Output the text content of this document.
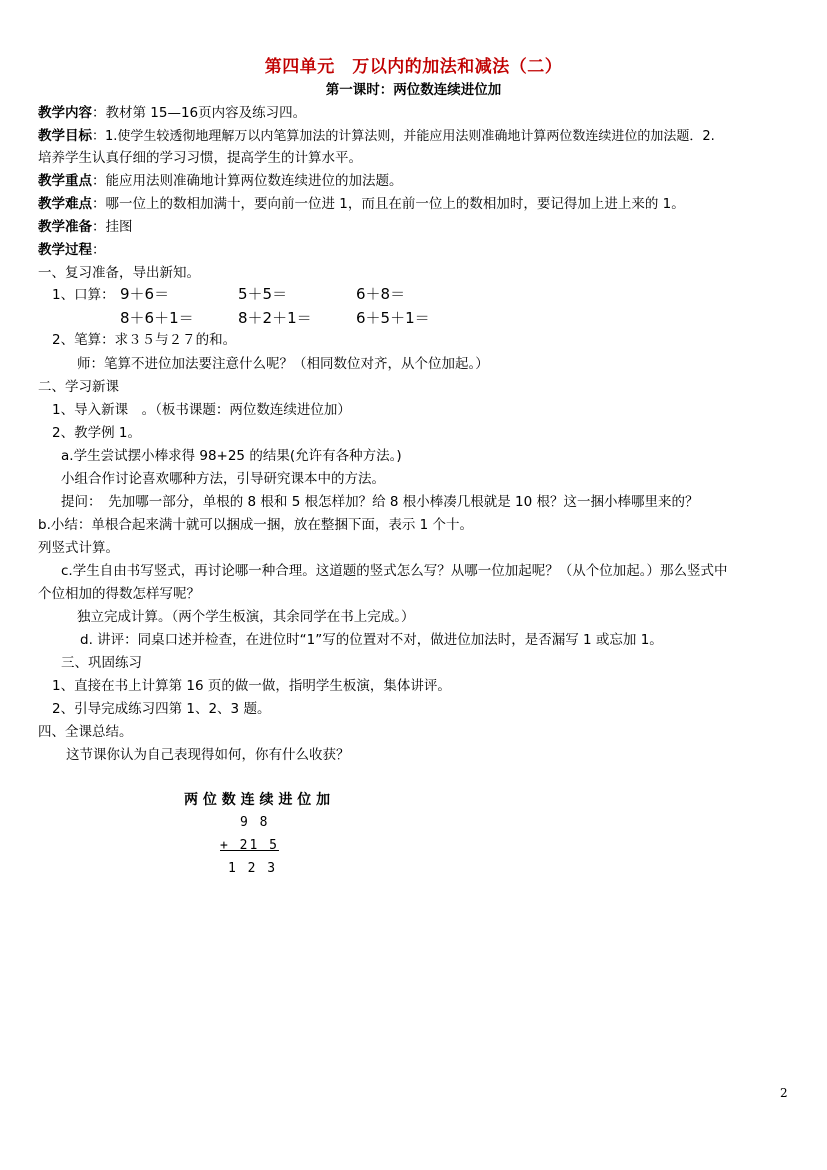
第四单元　万以内的加法和减法（二）
第一课时：两位数连续进位加
教学内容：教材第 15—16页内容及练习四。
教学目标：1.使学生较透彻地理解万以内笔算加法的计算法则，并能应用法则准确地计算两位数连续进位的加法题．2.
培养学生认真仔细的学习习惯，提高学生的计算水平。
教学重点：能应用法则准确地计算两位数连续进位的加法题。
教学难点：哪一位上的数相加满十，要向前一位进 1，而且在前一位上的数相加时，要记得加上进上来的 1。
教学准备：挂图
教学过程：
一、复习准备，导出新知。
1、口算： 9＋6＝	5＋5＝	6＋8＝
8＋6＋1＝	8＋2＋1＝	6＋5＋1＝
2、笔算：求３５与２７的和。
师：笔算不进位加法要注意什么呢？（相同数位对齐，从个位加起。）
二、学习新课
1、导入新课　。（板书课题：两位数连续进位加）
2、教学例 1。
a.学生尝试摆小棒求得 98+25 的结果(允许有各种方法。)
小组合作讨论喜欢哪种方法，引导研究课本中的方法。
提问：　先加哪一部分，单根的 8 根和 5 根怎样加？给 8 根小棒凑几根就是 10 根？这一捆小棒哪里来的？
b.小结：单根合起来满十就可以捆成一捆，放在整捆下面，表示 1 个十。
列竖式计算。
c.学生自由书写竖式，再讨论哪一种合理。这道题的竖式怎么写？从哪一位加起呢？（从个位加起。）那么竖式中
个位相加的得数怎样写呢？
独立完成计算。（两个学生板演，其余同学在书上完成。）
d. 讲评：同桌口述并检查，在进位时“1”写的位置对不对，做进位加法时，是否漏写 1 或忘加 1。
三、巩固练习
1、直接在书上计算第 16 页的做一做，指明学生板演，集体讲评。
2、引导完成练习四第 1、2、3 题。
四、全课总结。
这节课你认为自己表现得如何，你有什么收获？
两 位 数 连 续 进 位 加
9 8
+ 21 5
1 2 3
2
